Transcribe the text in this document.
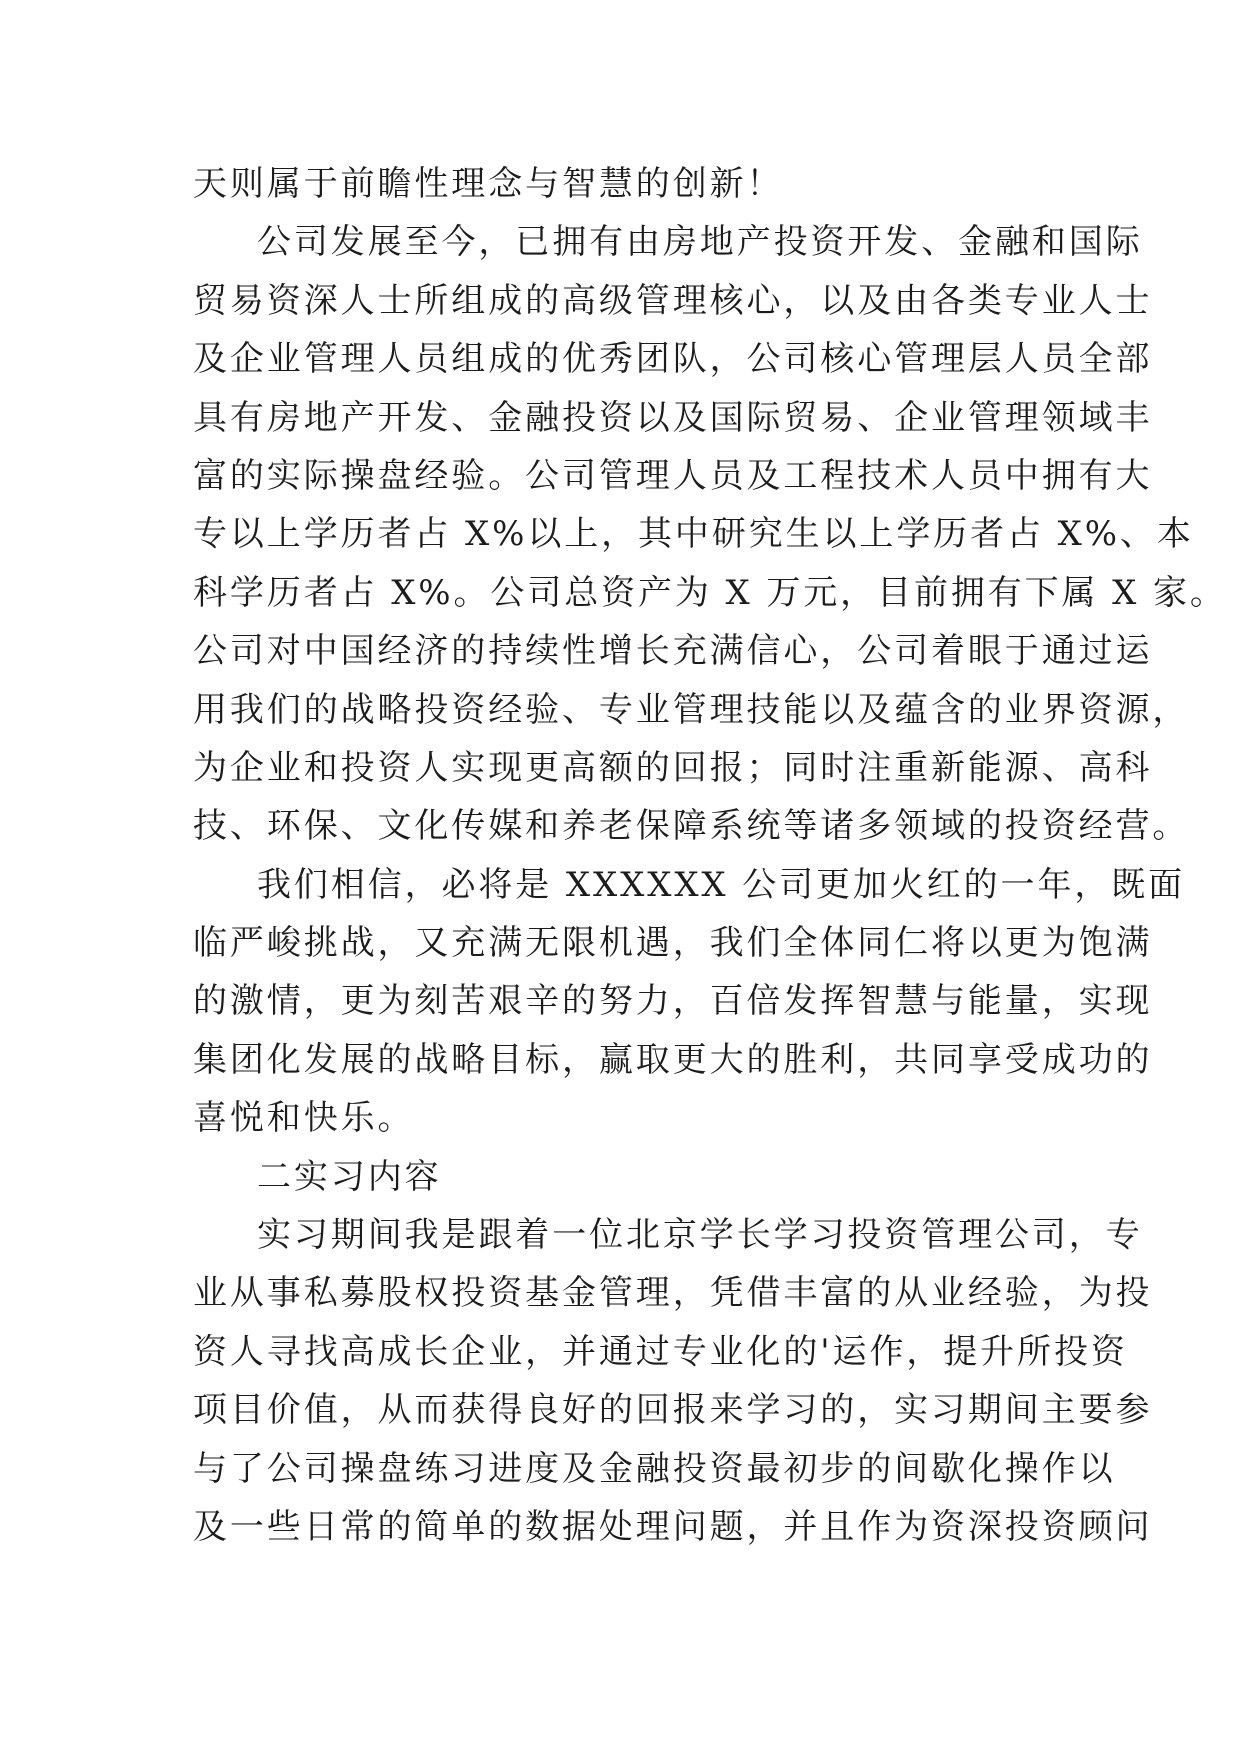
天则属于前瞻性理念与智慧的创新！
公司发展至今，已拥有由房地产投资开发、金融和国际
贸易资深人士所组成的高级管理核心，以及由各类专业人士
及企业管理人员组成的优秀团队，公司核心管理层人员全部
具有房地产开发、金融投资以及国际贸易、企业管理领域丰
富的实际操盘经验。公司管理人员及工程技术人员中拥有大
专以上学历者占 X%以上，其中研究生以上学历者占 X%、本
科学历者占 X%。公司总资产为 X 万元，目前拥有下属 X 家。
公司对中国经济的持续性增长充满信心，公司着眼于通过运
用我们的战略投资经验、专业管理技能以及蕴含的业界资源，
为企业和投资人实现更高额的回报；同时注重新能源、高科
技、环保、文化传媒和养老保障系统等诸多领域的投资经营。
我们相信，必将是 XXXXXX 公司更加火红的一年，既面
临严峻挑战，又充满无限机遇，我们全体同仁将以更为饱满
的激情，更为刻苦艰辛的努力，百倍发挥智慧与能量，实现
集团化发展的战略目标，赢取更大的胜利，共同享受成功的
喜悦和快乐。
二实习内容
实习期间我是跟着一位北京学长学习投资管理公司，专
业从事私募股权投资基金管理，凭借丰富的从业经验，为投
资人寻找高成长企业，并通过专业化的'运作，提升所投资
项目价值，从而获得良好的回报来学习的，实习期间主要参
与了公司操盘练习进度及金融投资最初步的间歇化操作以
及一些日常的简单的数据处理问题，并且作为资深投资顾问
